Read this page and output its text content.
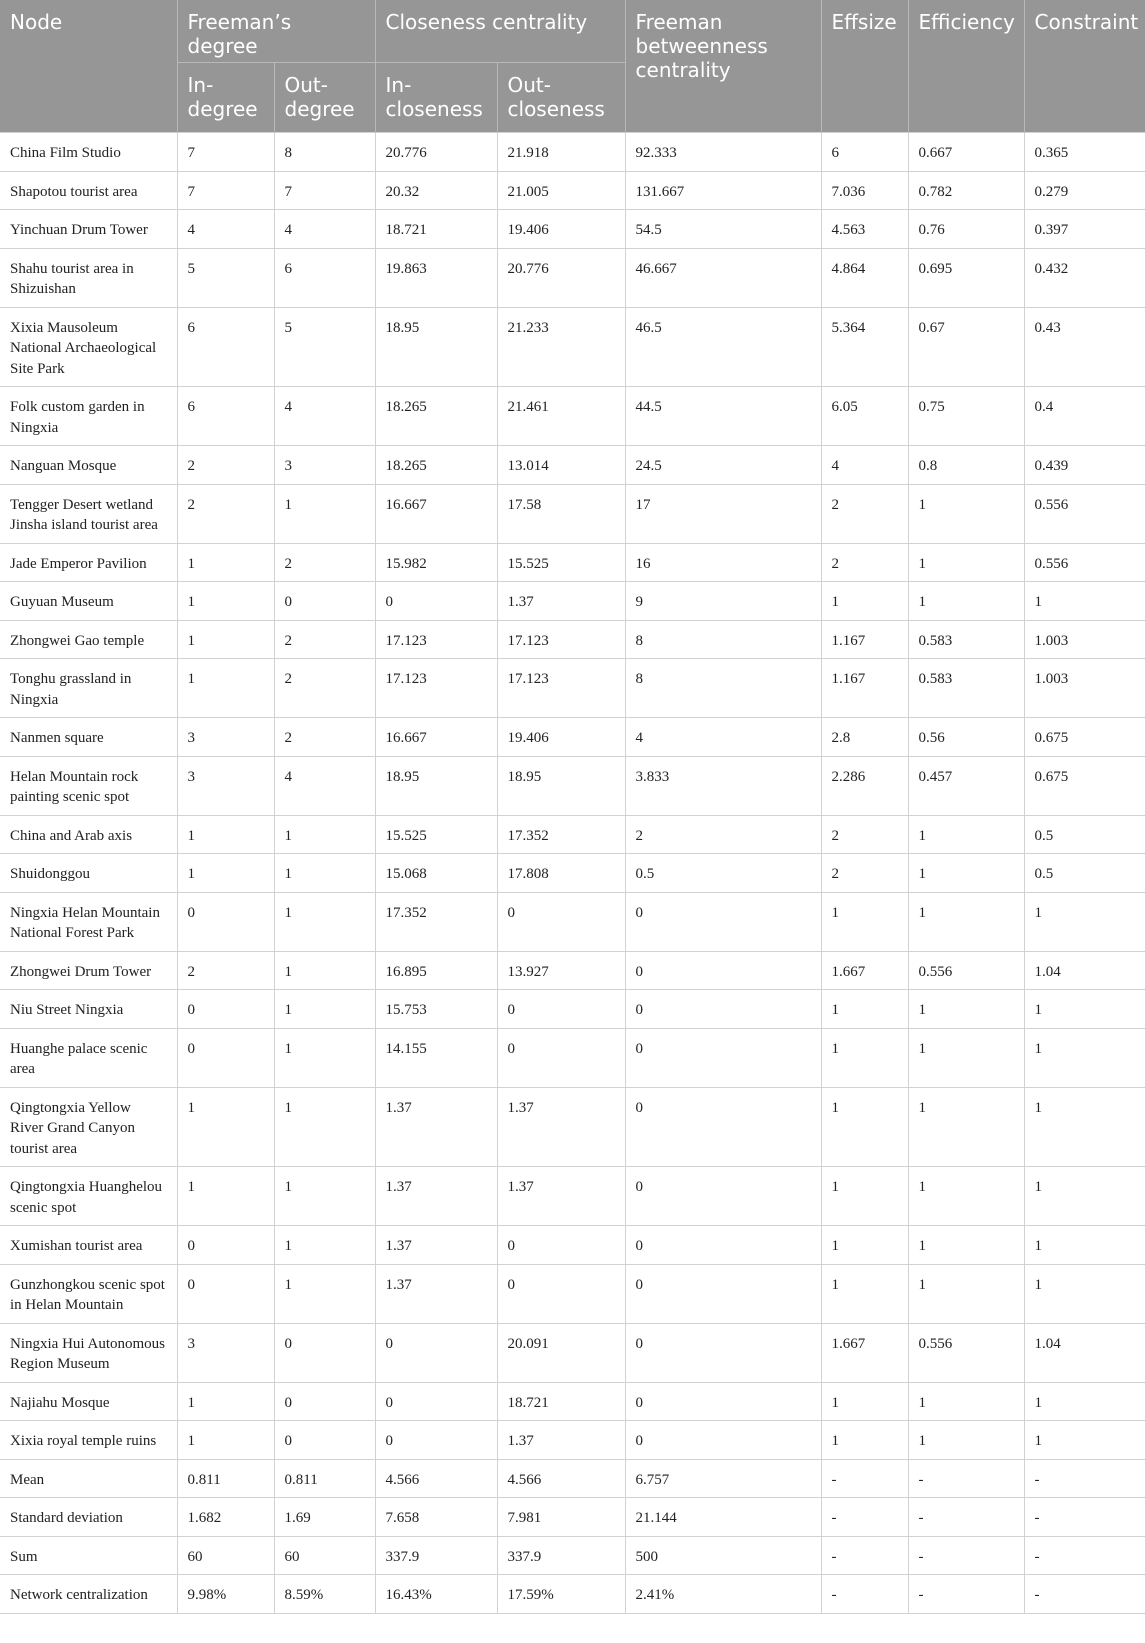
Node	Freeman’s degree		Closeness centrality		Freeman betweenness centrality	Effsize	Efficiency	Constraint
	In-degree	Out-degree	In-closeness	Out-closeness				
China Film Studio	7	8	20.776	21.918	92.333	6	0.667	0.365
Shapotou tourist area	7	7	20.32	21.005	131.667	7.036	0.782	0.279
Yinchuan Drum Tower	4	4	18.721	19.406	54.5	4.563	0.76	0.397
Shahu tourist area in Shizuishan	5	6	19.863	20.776	46.667	4.864	0.695	0.432
Xixia Mausoleum National Archaeological Site Park	6	5	18.95	21.233	46.5	5.364	0.67	0.43
Folk custom garden in Ningxia	6	4	18.265	21.461	44.5	6.05	0.75	0.4
Nanguan Mosque	2	3	18.265	13.014	24.5	4	0.8	0.439
Tengger Desert wetland Jinsha island tourist area	2	1	16.667	17.58	17	2	1	0.556
Jade Emperor Pavilion	1	2	15.982	15.525	16	2	1	0.556
Guyuan Museum	1	0	0	1.37	9	1	1	1
Zhongwei Gao temple	1	2	17.123	17.123	8	1.167	0.583	1.003
Tonghu grassland in Ningxia	1	2	17.123	17.123	8	1.167	0.583	1.003
Nanmen square	3	2	16.667	19.406	4	2.8	0.56	0.675
Helan Mountain rock painting scenic spot	3	4	18.95	18.95	3.833	2.286	0.457	0.675
China and Arab axis	1	1	15.525	17.352	2	2	1	0.5
Shuidonggou	1	1	15.068	17.808	0.5	2	1	0.5
Ningxia Helan Mountain National Forest Park	0	1	17.352	0	0	1	1	1
Zhongwei Drum Tower	2	1	16.895	13.927	0	1.667	0.556	1.04
Niu Street Ningxia	0	1	15.753	0	0	1	1	1
Huanghe palace scenic area	0	1	14.155	0	0	1	1	1
Qingtongxia Yellow River Grand Canyon tourist area	1	1	1.37	1.37	0	1	1	1
Qingtongxia Huanghelou scenic spot	1	1	1.37	1.37	0	1	1	1
Xumishan tourist area	0	1	1.37	0	0	1	1	1
Gunzhongkou scenic spot in Helan Mountain	0	1	1.37	0	0	1	1	1
Ningxia Hui Autonomous Region Museum	3	0	0	20.091	0	1.667	0.556	1.04
Najiahu Mosque	1	0	0	18.721	0	1	1	1
Xixia royal temple ruins	1	0	0	1.37	0	1	1	1
Mean	0.811	0.811	4.566	4.566	6.757	-	-	-
Standard deviation	1.682	1.69	7.658	7.981	21.144	-	-	-
Sum	60	60	337.9	337.9	500	-	-	-
Network centralization	9.98%	8.59%	16.43%	17.59%	2.41%	-	-	-
